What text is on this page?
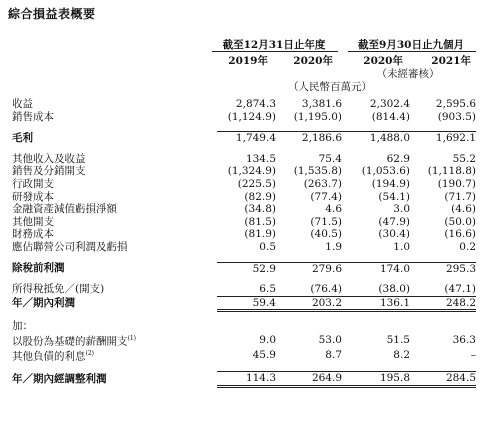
綜合損益表概要
截至12月31日止年度	截至9月30日止九個月
2019年	2020年	2020年	2021年
（未經審核）
（人民幣百萬元）
收益	2,874.3	3,381.6	2,302.4	2,595.6
銷售成本	(1,124.9)	(1,195.0)	(814.4)	(903.5)

毛利	1,749.4	2,186.6	1,488.0	1,692.1

其他收入及收益	134.5	75.4	62.9	55.2
銷售及分銷開支	(1,324.9)	(1,535.8)	(1,053.6)	(1,118.8)
行政開支	(225.5)	(263.7)	(194.9)	(190.7)
研發成本	(82.9)	(77.4)	(54.1)	(71.7)
金融資產減值虧損淨額	(34.8)	4.6	3.0	(4.6)
其他開支	(81.5)	(71.5)	(47.9)	(50.0)
財務成本	(81.9)	(40.5)	(30.4)	(16.6)
應佔聯營公司利潤及虧損	0.5	1.9	1.0	0.2

除稅前利潤	52.9	279.6	174.0	295.3

所得稅抵免／(開支)	6.5	(76.4)	(38.0)	(47.1)
年／期內利潤	59.4	203.2	136.1	248.2

加：				
以股份為基礎的薪酬開支$^{(1)}$	9.0	53.0	51.5	36.3
其他負債的利息$^{(2)}$	45.9	8.7	8.2	–

年／期內經調整利潤	114.3	264.9	195.8	284.5
